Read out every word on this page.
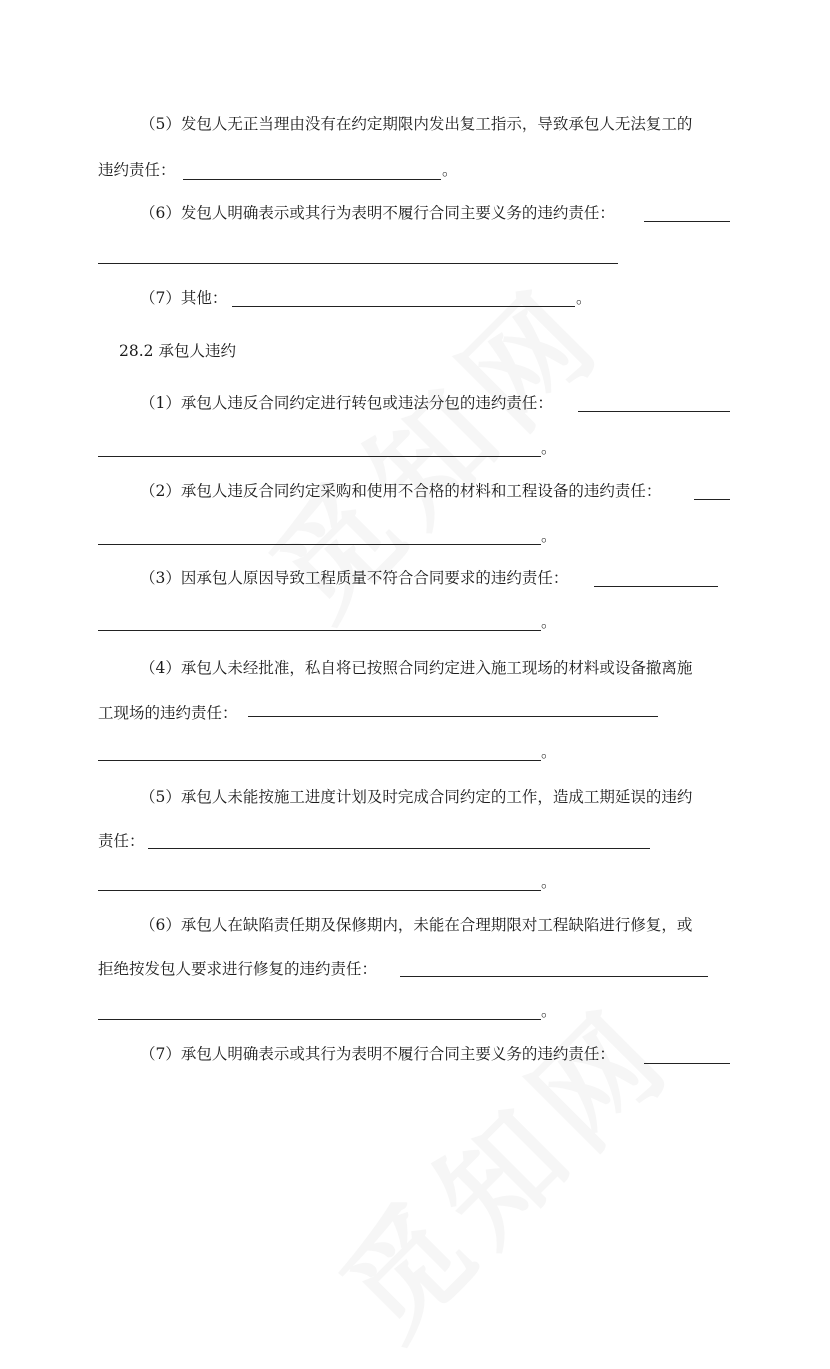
（5）发包人无正当理由没有在约定期限内发出复工指示，导致承包人无法复工的
违约责任：	。
（6）发包人明确表示或其行为表明不履行合同主要义务的违约责任：
（7）其他：	。
28.2 承包人违约
（1）承包人违反合同约定进行转包或违法分包的违约责任：
。
（2）承包人违反合同约定采购和使用不合格的材料和工程设备的违约责任：
。
（3）因承包人原因导致工程质量不符合合同要求的违约责任：
。
（4）承包人未经批准，私自将已按照合同约定进入施工现场的材料或设备撤离施
工现场的违约责任：
。
（5）承包人未能按施工进度计划及时完成合同约定的工作，造成工期延误的违约
责任：
。
（6）承包人在缺陷责任期及保修期内，未能在合理期限对工程缺陷进行修复，或
拒绝按发包人要求进行修复的违约责任：
。
（7）承包人明确表示或其行为表明不履行合同主要义务的违约责任：
